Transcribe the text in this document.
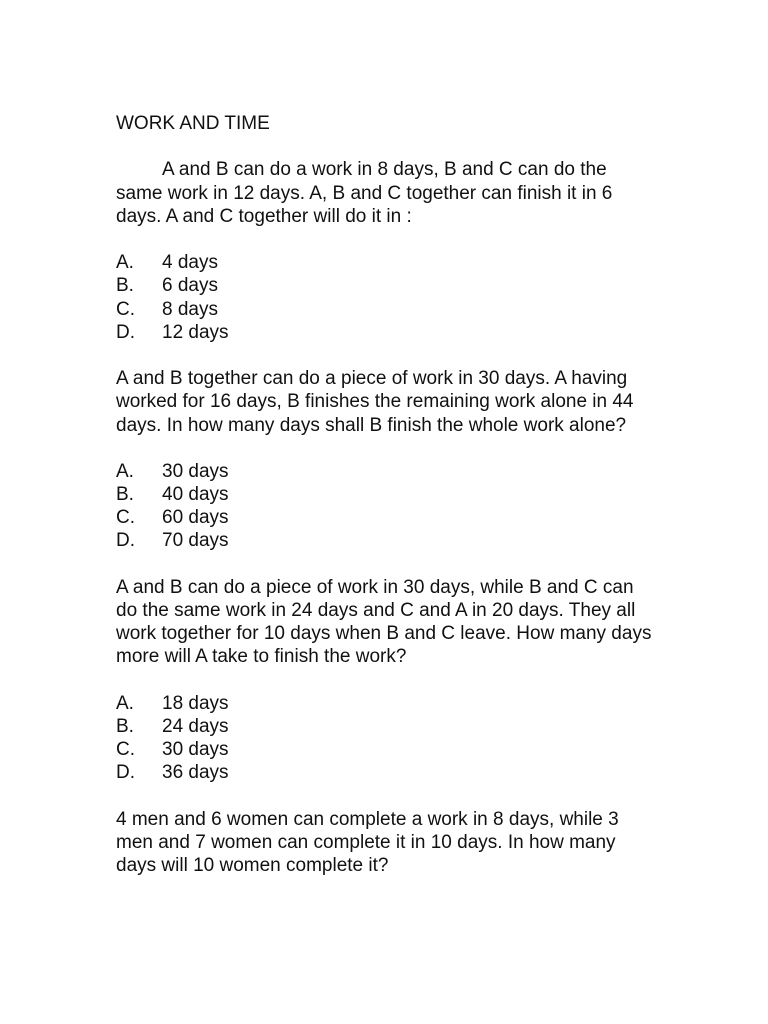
WORK AND TIME

A and B can do a work in 8 days, B and C can do the same work in 12 days. A, B and C together can finish it in 6 days. A and C together will do it in :

A.	4 days
B.	6 days
C.	8 days
D.	12 days

A and B together can do a piece of work in 30 days. A having worked for 16 days, B finishes the remaining work alone in 44 days. In how many days shall B finish the whole work alone?

A.	30 days
B.	40 days
C.	60 days
D.	70 days

A and B can do a piece of work in 30 days, while B and C can do the same work in 24 days and C and A in 20 days. They all work together for 10 days when B and C leave. How many days more will A take to finish the work?

A.	18 days
B.	24 days
C.	30 days
D.	36 days

4 men and 6 women can complete a work in 8 days, while 3 men and 7 women can complete it in 10 days. In how many days will 10 women complete it?
